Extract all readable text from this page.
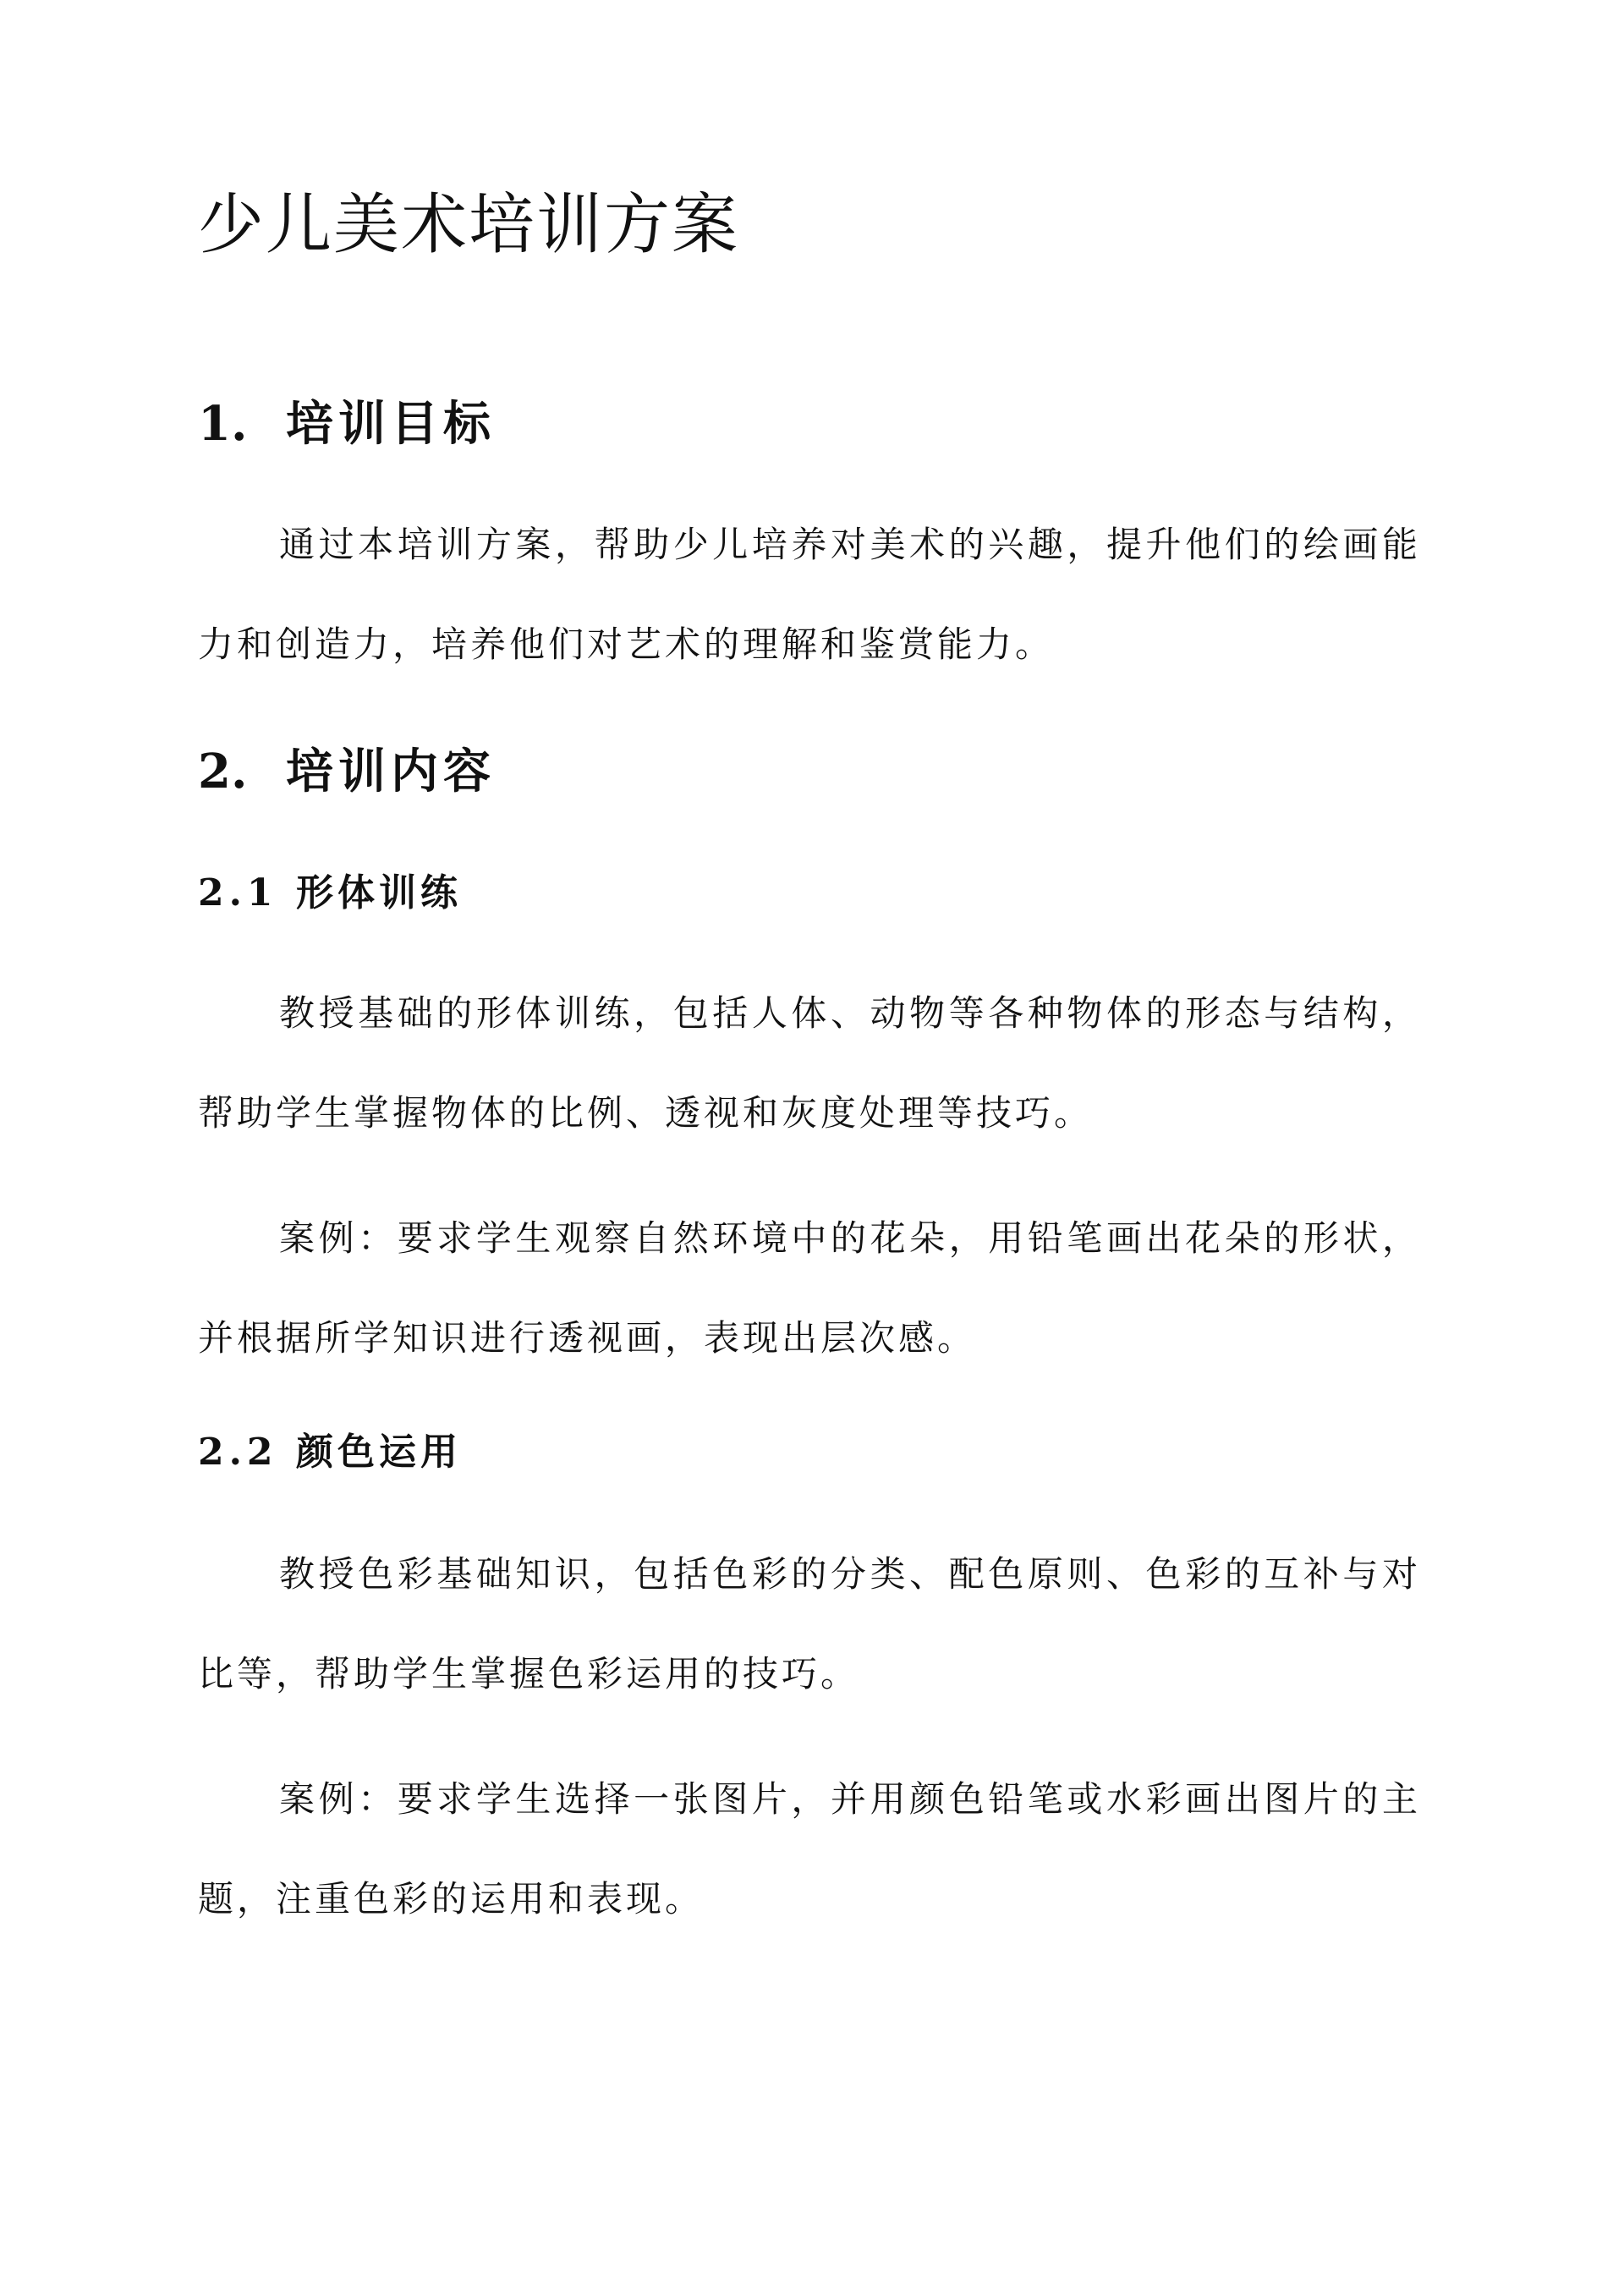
少儿美术培训方案
1. 培训目标

通过本培训方案，帮助少儿培养对美术的兴趣，提升他们的绘画能力和创造力，培养他们对艺术的理解和鉴赏能力。

2. 培训内容
2.1 形体训练

教授基础的形体训练，包括人体、动物等各种物体的形态与结构，帮助学生掌握物体的比例、透视和灰度处理等技巧。

案例：要求学生观察自然环境中的花朵，用铅笔画出花朵的形状，并根据所学知识进行透视画，表现出层次感。

2.2 颜色运用

教授色彩基础知识，包括色彩的分类、配色原则、色彩的互补与对比等，帮助学生掌握色彩运用的技巧。

案例：要求学生选择一张图片，并用颜色铅笔或水彩画出图片的主题，注重色彩的运用和表现。
